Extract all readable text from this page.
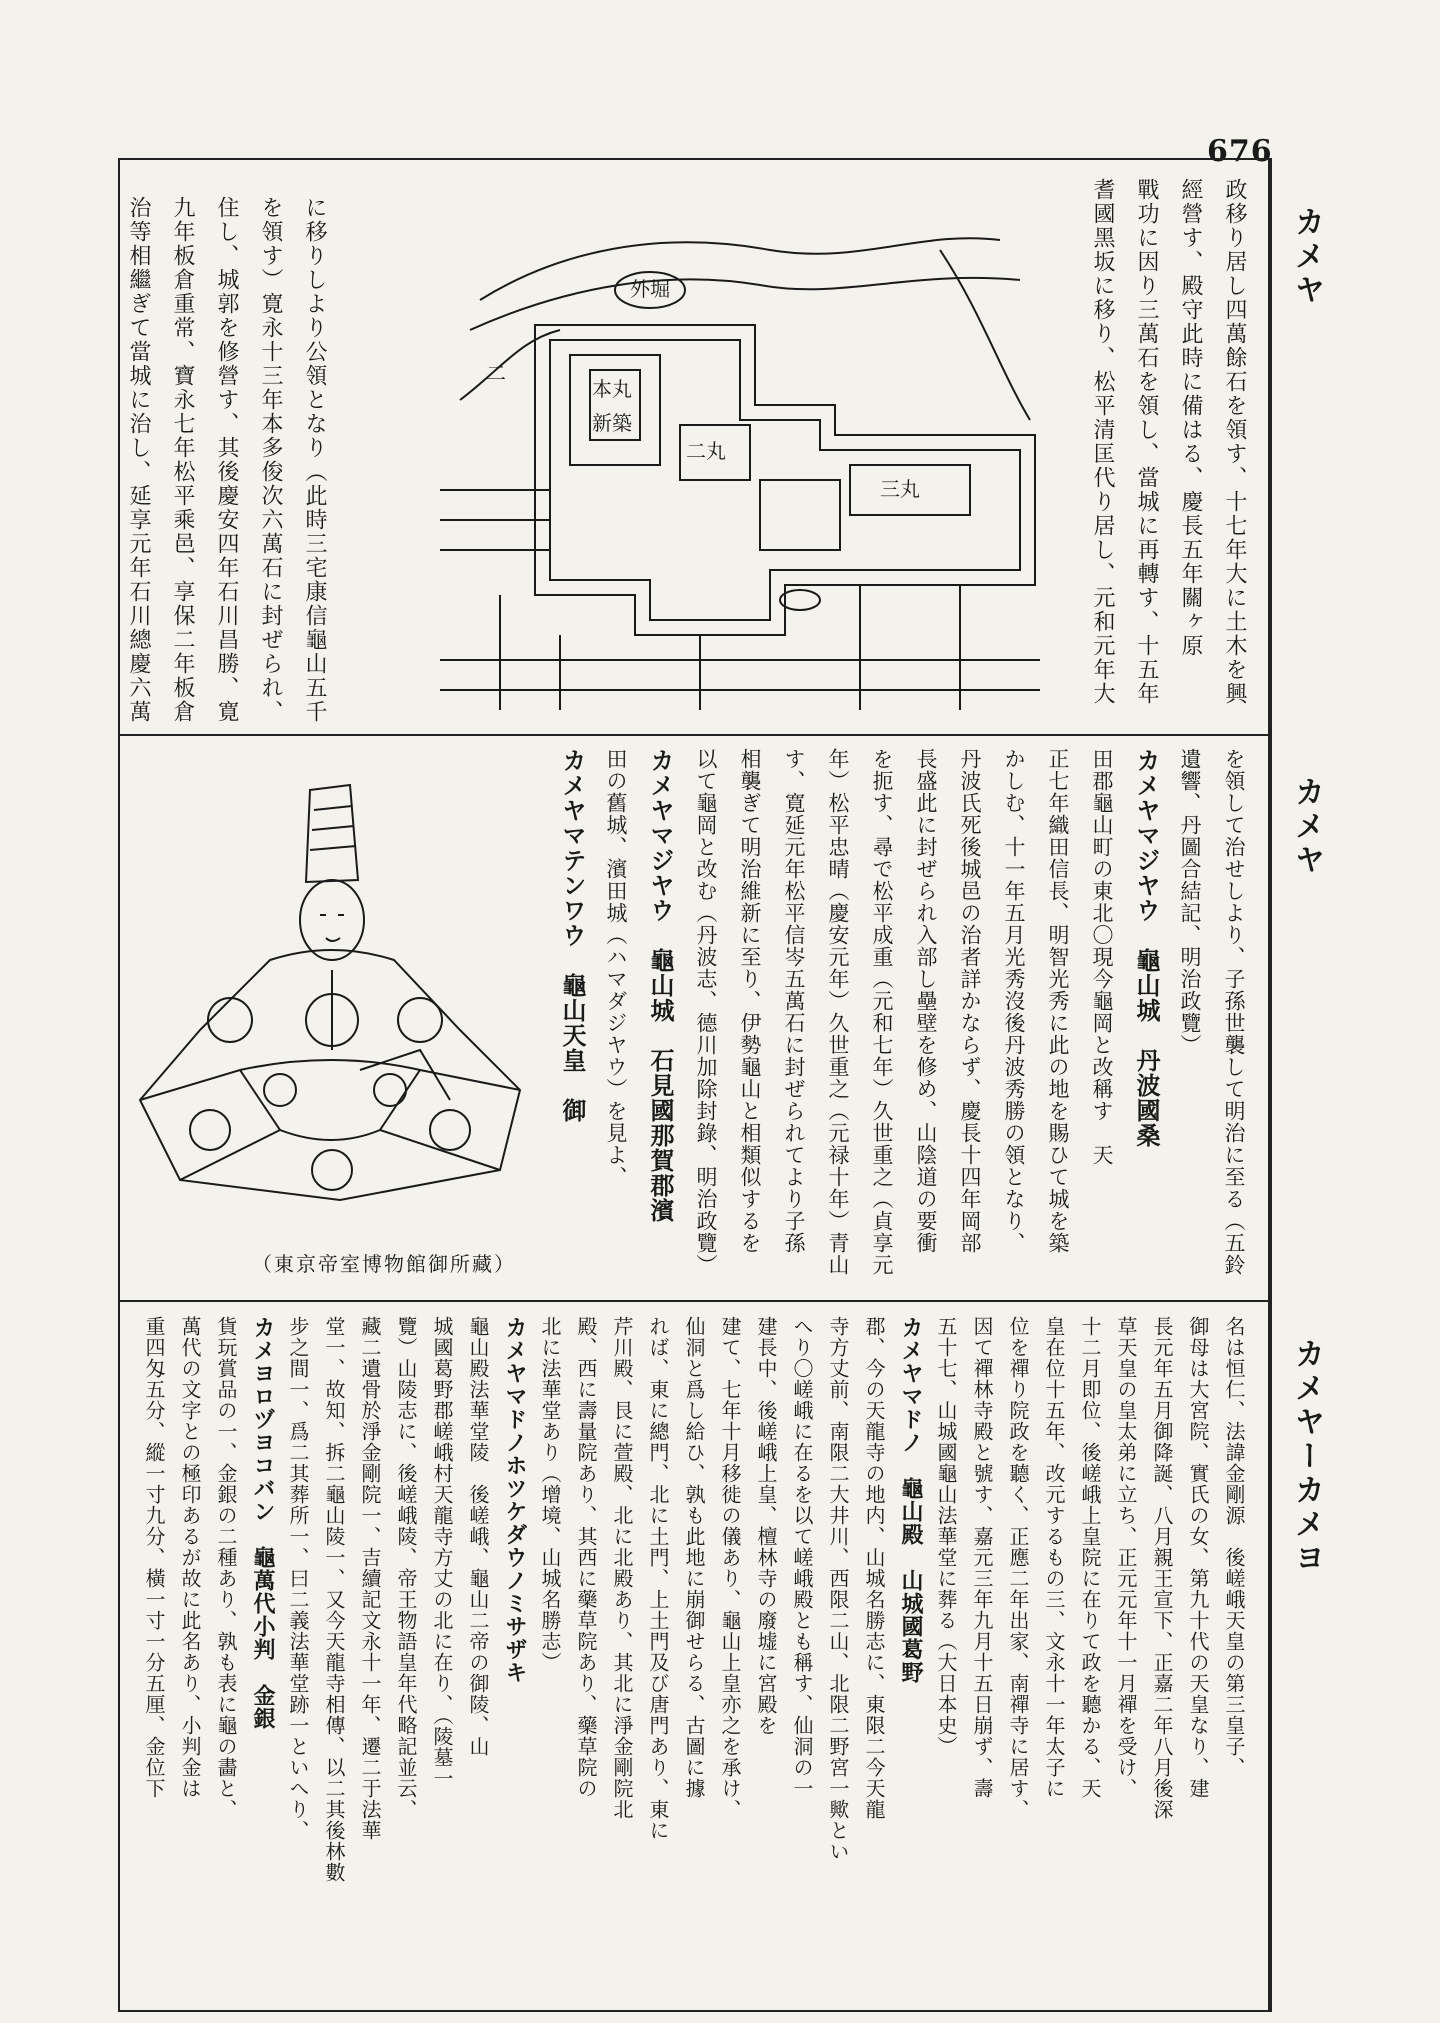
676
カメヤ
カメヤ
カメヤーカメヨ
政移り居し四萬餘石を領す、十七年大に土木を興
經營す、殿守此時に備はる、慶長五年關ヶ原
戰功に因り三萬石を領し、當城に再轉す、十五年
耆國黑坂に移り、松平清匡代り居し、元和元年大
三丸
二丸
本丸
新築
外堀
二
に移りしより公領となり（此時三宅康信龜山五千
を領す）寛永十三年本多俊次六萬石に封ぜられ、
住し、城郭を修營す、其後慶安四年石川昌勝、寛
九年板倉重常、寶永七年松平乘邑、享保二年板倉
治等相繼ぎて當城に治し、延享元年石川總慶六萬
を領して治せしより、子孫世襲して明治に至る（五鈴
遺響、丹圖合結記、明治政覽）
カメヤマジヤウ　龜山城　丹波國桑
田郡龜山町の東北〇現今龜岡と改稱す　天
正七年織田信長、明智光秀に此の地を賜ひて城を築
かしむ、十一年五月光秀沒後丹波秀勝の領となり、
丹波氏死後城邑の治者詳かならず、慶長十四年岡部
長盛此に封ぜられ入部し壘壁を修め、山陰道の要衝
を扼す、尋で松平成重（元和七年）久世重之（貞享元
年）松平忠晴（慶安元年）久世重之（元禄十年）青山
す、寛延元年松平信岑五萬石に封ぜられてより子孫
相襲ぎて明治維新に至り、伊勢龜山と相類似するを
以て龜岡と改む（丹波志、德川加除封錄、明治政覽）
カメヤマジヤウ　龜山城　石見國那賀郡濱
田の舊城、濱田城（ハマダジヤウ）を見よ、
カメヤマテンワウ　龜山天皇　御
（東京帝室博物館御所藏）
名は恒仁、法諱金剛源　後嵯峨天皇の第三皇子、
御母は大宮院、實氏の女、第九十代の天皇なり、建
長元年五月御降誕、八月親王宣下、正嘉二年八月後深
草天皇の皇太弟に立ち、正元元年十一月禪を受け、
十二月即位、後嵯峨上皇院に在りて政を聽かる、天
皇在位十五年、改元するもの三、文永十一年太子に
位を禪り院政を聽く、正應二年出家、南禪寺に居す、
因て禪林寺殿と號す、嘉元三年九月十五日崩ず、壽
五十七、山城國龜山法華堂に葬る（大日本史）
カメヤマドノ　龜山殿　山城國葛野
郡、今の天龍寺の地内、山城名勝志に、東限二今天龍
寺方丈前、南限二大井川、西限二山、北限二野宮一歟とい
へり〇嵯峨に在るを以て嵯峨殿とも稱す、仙洞の一
建長中、後嵯峨上皇、檀林寺の廢墟に宮殿を
建て、七年十月移徙の儀あり、龜山上皇亦之を承け、
仙洞と爲し給ひ、孰も此地に崩御せらる、古圖に據
れば、東に總門、北に土門、上土門及び唐門あり、東に
芹川殿、艮に萱殿、北に北殿あり、其北に淨金剛院北
殿、西に壽量院あり、其西に藥草院あり、藥草院の
北に法華堂あり（增境、山城名勝志）
カメヤマドノホツケダウノミサザキ
龜山殿法華堂陵　後嵯峨、龜山二帝の御陵、山
城國葛野郡嵯峨村天龍寺方丈の北に在り、（陵墓一
覽）山陵志に、後嵯峨陵、帝王物語皇年代略記並云、
藏二遺骨於淨金剛院一、吉續記文永十一年、遷二于法華
堂一、故知、拆二龜山陵一、又今天龍寺相傳、以二其後林數
步之間一、爲二其葬所一、曰二義法華堂跡一といへり、
カメヨロヅヨコバン　龜萬代小判　金銀
貨玩賞品の一、金銀の二種あり、孰も表に龜の畵と、
萬代の文字との極印あるが故に此名あり、小判金は
重四匁五分、縱一寸九分、橫一寸一分五厘、金位下
